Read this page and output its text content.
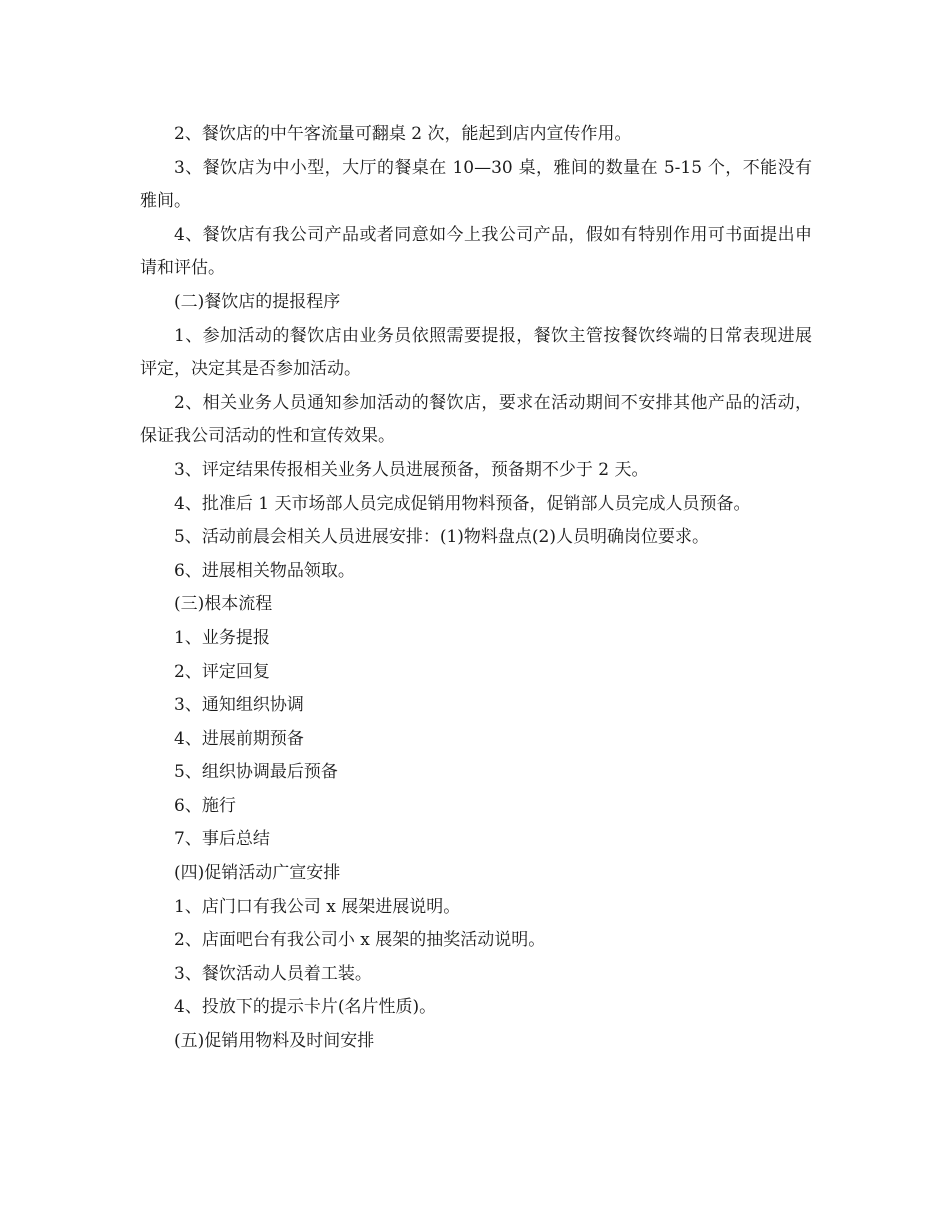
2、餐饮店的中午客流量可翻桌 2 次，能起到店内宣传作用。

3、餐饮店为中小型，大厅的餐桌在 10—30 桌，雅间的数量在 5-15 个，不能没有雅间。

4、餐饮店有我公司产品或者同意如今上我公司产品，假如有特别作用可书面提出申请和评估。

(二)餐饮店的提报程序

1、参加活动的餐饮店由业务员依照需要提报，餐饮主管按餐饮终端的日常表现进展评定，决定其是否参加活动。

2、相关业务人员通知参加活动的餐饮店，要求在活动期间不安排其他产品的活动，保证我公司活动的性和宣传效果。

3、评定结果传报相关业务人员进展预备，预备期不少于 2 天。

4、批准后 1 天市场部人员完成促销用物料预备，促销部人员完成人员预备。

5、活动前晨会相关人员进展安排：(1)物料盘点(2)人员明确岗位要求。

6、进展相关物品领取。

(三)根本流程

1、业务提报

2、评定回复

3、通知组织协调

4、进展前期预备

5、组织协调最后预备

6、施行

7、事后总结

(四)促销活动广宣安排

1、店门口有我公司 x 展架进展说明。

2、店面吧台有我公司小 x 展架的抽奖活动说明。

3、餐饮活动人员着工装。

4、投放下的提示卡片(名片性质)。

(五)促销用物料及时间安排
